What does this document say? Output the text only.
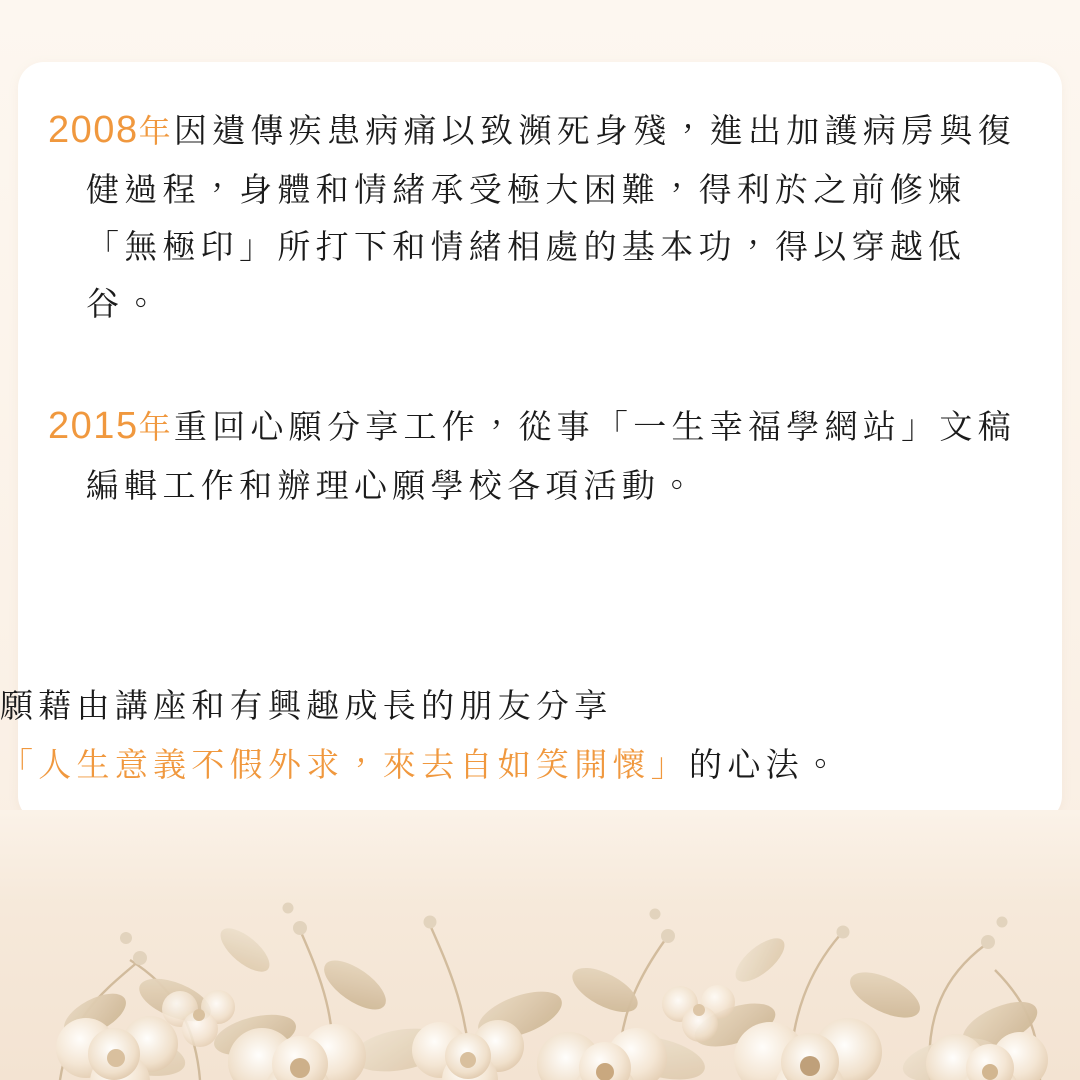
2008年因遺傳疾患病痛以致瀕死身殘，進出加護病房與復健過程，身體和情緒承受極大困難，得利於之前修煉「無極印」所打下和情緒相處的基本功，得以穿越低谷。

2015年重回心願分享工作，從事「一生幸福學網站」文稿編輯工作和辦理心願學校各項活動。

願藉由講座和有興趣成長的朋友分享

「人生意義不假外求，來去自如笑開懷」的心法。
